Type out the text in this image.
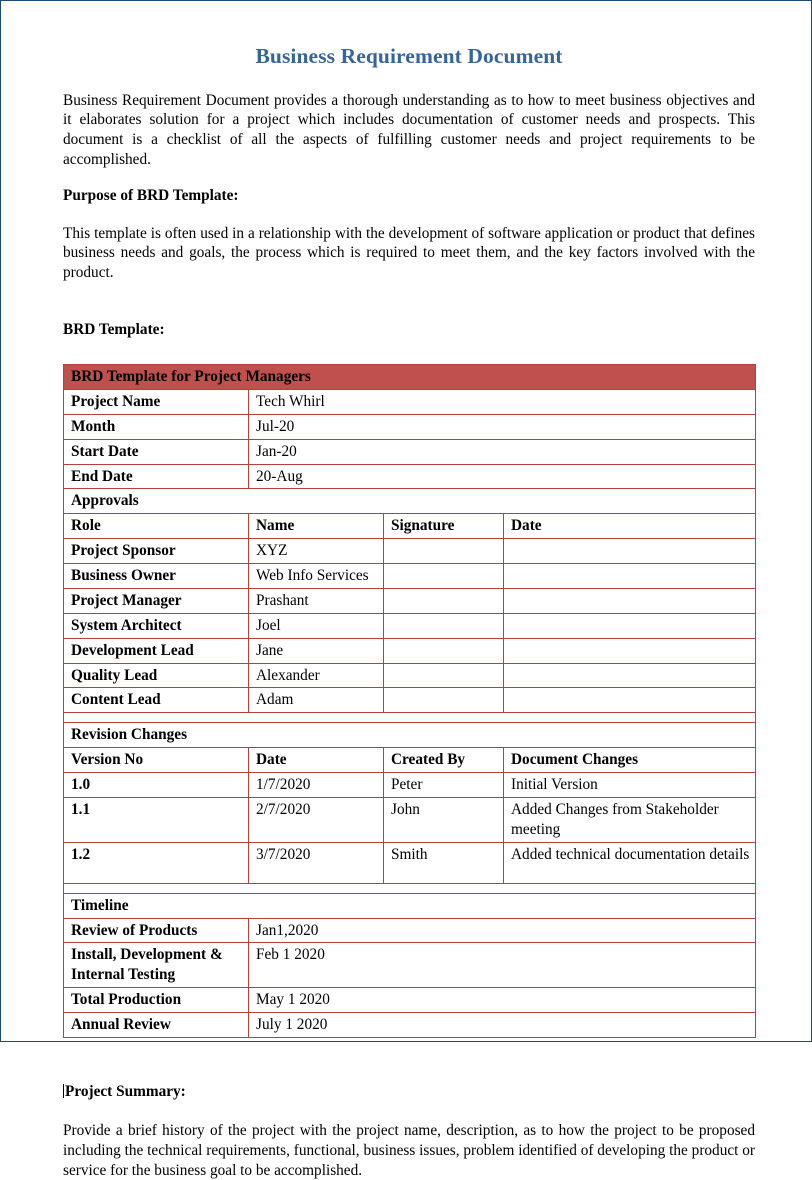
Business Requirement Document

Business Requirement Document provides a thorough understanding as to how to meet business objectives and it elaborates solution for a project which includes documentation of customer needs and prospects. This document is a checklist of all the aspects of fulfilling customer needs and project requirements to be accomplished.

Purpose of BRD Template:

This template is often used in a relationship with the development of software application or product that defines business needs and goals, the process which is required to meet them, and the key factors involved with the product.

BRD Template:

BRD Template for Project Managers			
Project Name	Tech Whirl		
Month	Jul-20		
Start Date	Jan-20		
End Date	20-Aug		
Approvals			
Role	Name	Signature	Date
Project Sponsor	XYZ		
Business Owner	Web Info Services		
Project Manager	Prashant		
System Architect	Joel		
Development Lead	Jane		
Quality Lead	Alexander		
Content Lead	Adam		

Revision Changes			
Version No	Date	Created By	Document Changes
1.0	1/7/2020	Peter	Initial Version
1.1	2/7/2020	John	Added Changes from Stakeholder meeting
1.2	3/7/2020	Smith	Added technical documentation details

Timeline			
Review of Products	Jan1,2020		
Install, Development & Internal Testing	Feb 1 2020		
Total Production	May 1 2020		
Annual Review	July 1 2020		

Project Summary:

Provide a brief history of the project with the project name, description, as to how the project to be proposed including the technical requirements, functional, business issues, problem identified of developing the product or service for the business goal to be accomplished.
